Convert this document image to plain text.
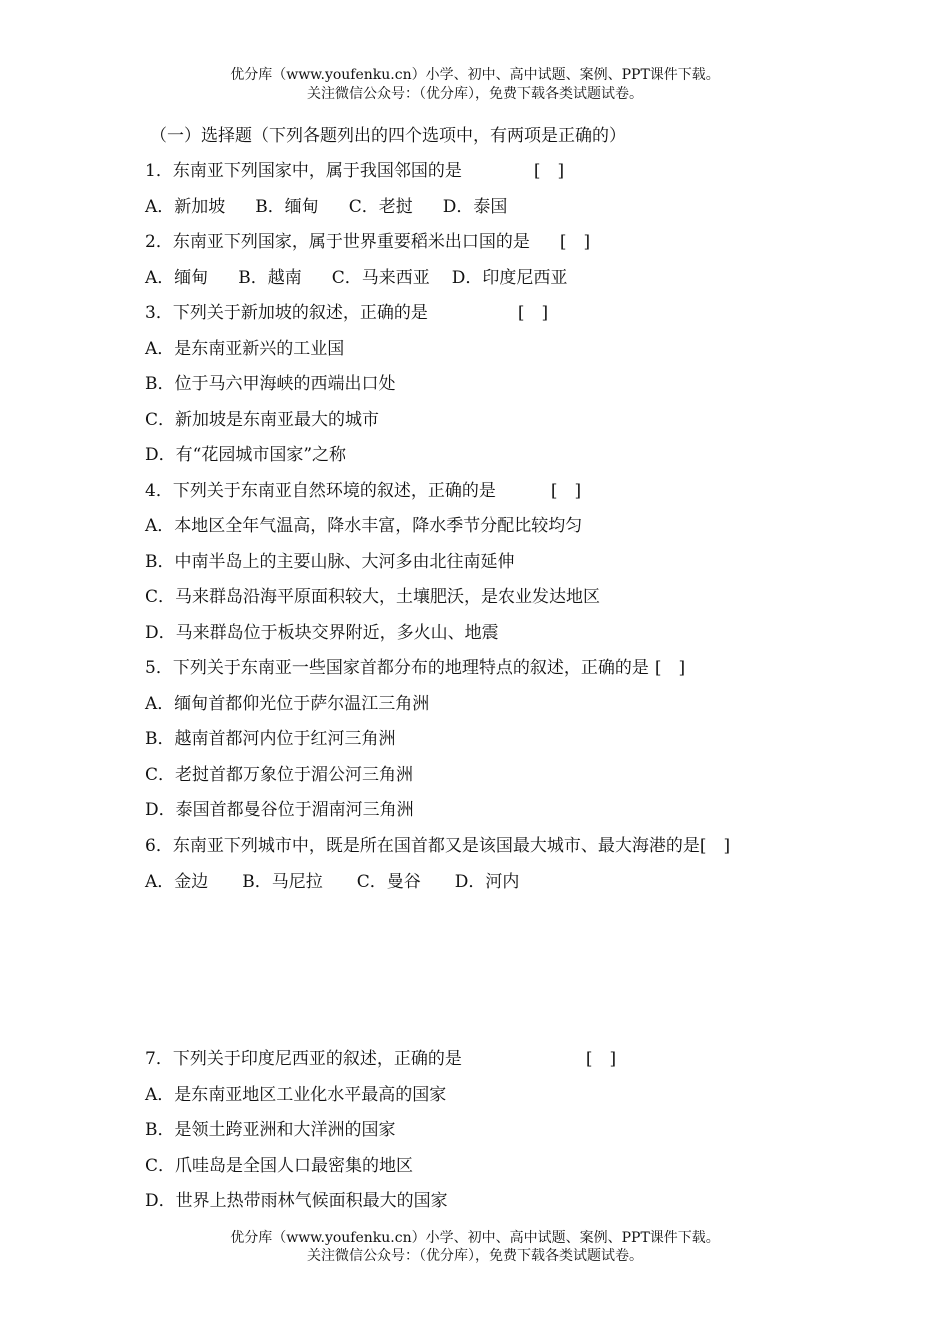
优分库（www.youfenku.cn）小学、初中、高中试题、案例、PPT课件下载。
关注微信公众号：（优分库），免费下载各类试题试卷。
（一）选择题（下列各题列出的四个选项中，有两项是正确的）
1．东南亚下列国家中，属于我国邻国的是	[　]
A．新加坡 B．缅甸 C．老挝 D．泰国
2．东南亚下列国家，属于世界重要稻米出口国的是 [　]
A．缅甸 B．越南 C．马来西亚 D．印度尼西亚
3．下列关于新加坡的叙述，正确的是	[　]
A．是东南亚新兴的工业国
B．位于马六甲海峡的西端出口处
C．新加坡是东南亚最大的城市
D．有“花园城市国家”之称
4．下列关于东南亚自然环境的叙述，正确的是	[　]
A．本地区全年气温高，降水丰富，降水季节分配比较均匀
B．中南半岛上的主要山脉、大河多由北往南延伸
C．马来群岛沿海平原面积较大，土壤肥沃，是农业发达地区
D．马来群岛位于板块交界附近，多火山、地震
5．下列关于东南亚一些国家首都分布的地理特点的叙述，正确的是 [　]
A．缅甸首都仰光位于萨尔温江三角洲
B．越南首都河内位于红河三角洲
C．老挝首都万象位于湄公河三角洲
D．泰国首都曼谷位于湄南河三角洲
6．东南亚下列城市中，既是所在国首都又是该国最大城市、最大海港的是[　]
A．金边 B．马尼拉 C．曼谷 D．河内
7．下列关于印度尼西亚的叙述，正确的是	[　]
A．是东南亚地区工业化水平最高的国家
B．是领土跨亚洲和大洋洲的国家
C．爪哇岛是全国人口最密集的地区
D．世界上热带雨林气候面积最大的国家
优分库（www.youfenku.cn）小学、初中、高中试题、案例、PPT课件下载。
关注微信公众号：（优分库），免费下载各类试题试卷。
